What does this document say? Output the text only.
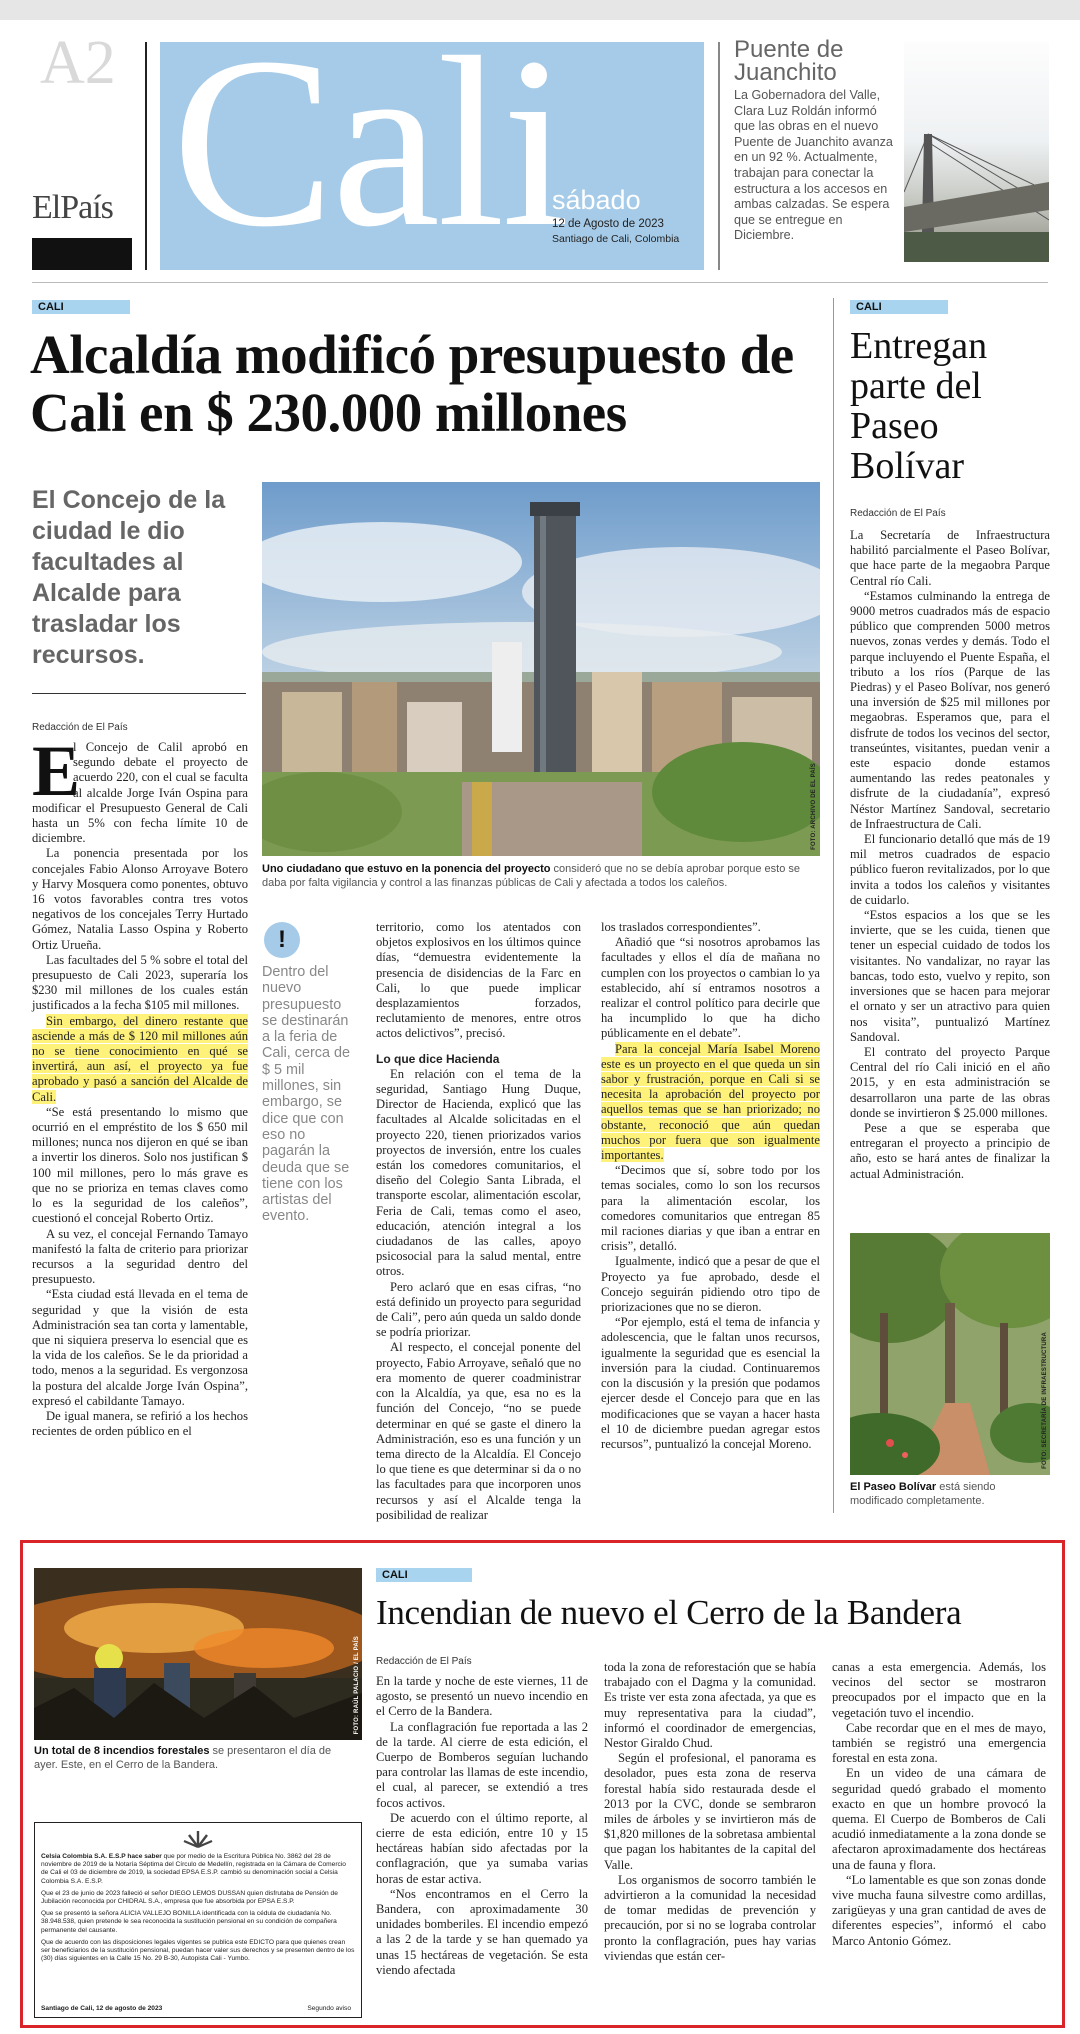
A2
ElPaís Cali
sábado
12 de Agosto de 2023
Santiago de Cali, Colombia
Puente de Juanchito
La Gobernadora del Valle, Clara Luz Roldán informó que las obras en el nuevo Puente de Juanchito avanza en un 92 %. Actualmente, trabajan para conectar la estructura a los accesos en ambas calzadas. Se espera que se entregue en Diciembre.
CALI
Alcaldía modificó presupuesto de Cali en $ 230.000 millones
El Concejo de la ciudad le dio facultades al Alcalde para trasladar los recursos.
Redacción de El País
FOTO: ARCHIVO DE EL PAÍS
Uno ciudadano que estuvo en la ponencia del proyecto consideró que no se debía aprobar porque esto se daba por falta vigilancia y control a las finanzas públicas de Cali y afectada a todos los caleños.
E

l Concejo de Calil aprobó en segundo debate el proyecto de acuerdo 220, con el cual se faculta al alcalde Jorge Iván Ospina para modificar el Presupuesto General de Cali hasta un 5% con fecha límite 10 de diciembre.

La ponencia presentada por los concejales Fabio Alonso Arroyave Botero y Harvy Mosquera como ponentes, obtuvo 16 votos favorables contra tres votos negativos de los concejales Terry Hurtado Gómez, Natalia Lasso Ospina y Roberto Ortiz Urueña.

Las facultades del 5 % sobre el total del presupuesto de Cali 2023, superaría los $230 mil millones de los cuales están justificados a la fecha $105 mil millones.

Sin embargo, del dinero restante que asciende a más de $ 120 mil millones aún no se tiene conocimiento en qué se invertirá, aun así, el proyecto ya fue aprobado y pasó a sanción del Alcalde de Cali.

“Se está presentando lo mismo que ocurrió en el empréstito de los $ 650 mil millones; nunca nos dijeron en qué se iban a invertir los dineros. Solo nos justifican $ 100 mil millones, pero lo más grave es que no se prioriza en temas claves como lo es la seguridad de los caleños”, cuestionó el concejal Roberto Ortiz.

A su vez, el concejal Fernando Tamayo manifestó la falta de criterio para priorizar recursos a la seguridad dentro del presupuesto.

“Esta ciudad está llevada en el tema de seguridad y que la visión de esta Administración sea tan corta y lamentable, que ni siquiera preserva lo esencial que es la vida de los caleños. Se le da prioridad a todo, menos a la seguridad. Es vergonzosa la postura del alcalde Jorge Iván Ospina”, expresó el cabildante Tamayo.

De igual manera, se refirió a los hechos recientes de orden público en el

!
Dentro del nuevo presupuesto se destinarán a la feria de Cali, cerca de $ 5 mil millones, sin embargo, se dice que con eso no pagarán la deuda que se tiene con los artistas del evento.

territorio, como los atentados con objetos explosivos en los últimos quince días, “demuestra evidentemente la presencia de disidencias de la Farc en Cali, lo que puede implicar desplazamientos forzados, reclutamiento de menores, entre otros actos delictivos”, precisó.

Lo que dice Hacienda

En relación con el tema de la seguridad, Santiago Hung Duque, Director de Hacienda, explicó que las facultades al Alcalde solicitadas en el proyecto 220, tienen priorizados varios proyectos de inversión, entre los cuales están los comedores comunitarios, el diseño del Colegio Santa Librada, el transporte escolar, alimentación escolar, Feria de Cali, temas como el aseo, educación, atención integral a los ciudadanos de las calles, apoyo psicosocial para la salud mental, entre otros.

Pero aclaró que en esas cifras, “no está definido un proyecto para seguridad de Cali”, pero aún queda un saldo donde se podría priorizar.

Al respecto, el concejal ponente del proyecto, Fabio Arroyave, señaló que no era momento de querer coadministrar con la Alcaldía, ya que, esa no es la función del Concejo, “no se puede determinar en qué se gaste el dinero la Administración, eso es una función y un tema directo de la Alcaldía. El Concejo lo que tiene es que determinar si da o no las facultades para que incorporen unos recursos y así el Alcalde tenga la posibilidad de realizar

los traslados correspondientes”.

Añadió que “si nosotros aprobamos las facultades y ellos el día de mañana no cumplen con los proyectos o cambian lo ya establecido, ahí sí entramos nosotros a realizar el control político para decirle que ha incumplido lo que ha dicho públicamente en el debate”.

Para la concejal María Isabel Moreno este es un proyecto en el que queda un sin sabor y frustración, porque en Cali si se necesita la aprobación del proyecto por aquellos temas que se han priorizado; no obstante, reconoció que aún quedan muchos por fuera que son igualmente importantes.

“Decimos que sí, sobre todo por los temas sociales, como lo son los recursos para la alimentación escolar, los comedores comunitarios que entregan 85 mil raciones diarias y que iban a entrar en crisis”, detalló.

Igualmente, indicó que a pesar de que el Proyecto ya fue aprobado, desde el Concejo seguirán pidiendo otro tipo de priorizaciones que no se dieron.

“Por ejemplo, está el tema de infancia y adolescencia, que le faltan unos recursos, igualmente la seguridad que es esencial la inversión para la ciudad. Continuaremos con la discusión y la presión que podamos ejercer desde el Concejo para que en las modificaciones que se vayan a hacer hasta el 10 de diciembre puedan agregar estos recursos”, puntualizó la concejal Moreno.

CALI
Entregan parte del Paseo Bolívar
Redacción de El País

La Secretaría de Infraestructura habilitó parcialmente el Paseo Bolívar, que hace parte de la megaobra Parque Central río Cali.

“Estamos culminando la entrega de 9000 metros cuadrados más de espacio público que comprenden 5000 metros nuevos, zonas verdes y demás. Todo el parque incluyendo el Puente España, el tributo a los ríos (Parque de las Piedras) y el Paseo Bolívar, nos generó una inversión de $25 mil millones por megaobras. Esperamos que, para el disfrute de todos los vecinos del sector, transeúntes, visitantes, puedan venir a este espacio donde estamos aumentando las redes peatonales y disfrute de la ciudadanía”, expresó Néstor Martínez Sandoval, secretario de Infraestructura de Cali.

El funcionario detalló que más de 19 mil metros cuadrados de espacio público fueron revitalizados, por lo que invita a todos los caleños y visitantes de cuidarlo.

“Estos espacios a los que se les invierte, que se les cuida, tienen que tener un especial cuidado de todos los visitantes. No vandalizar, no rayar las bancas, todo esto, vuelvo y repito, son inversiones que se hacen para mejorar el ornato y ser un atractivo para quien nos visita”, puntualizó Martínez Sandoval.

El contrato del proyecto Parque Central del río Cali inició en el año 2015, y en esta administración se desarrollaron una parte de las obras donde se invirtieron $ 25.000 millones.

Pese a que se esperaba que entregaran el proyecto a principio de año, esto se hará antes de finalizar la actual Administración.

FOTO: SECRETARÍA DE INFRAESTRUCTURA
El Paseo Bolívar está siendo modificado completamente.
FOTO: RAÚL PALACIO / EL PAÍS
Un total de 8 incendios forestales se presentaron el día de ayer. Este, en el Cerro de la Bandera.

Celsia Colombia S.A. E.S.P hace saber que por medio de la Escritura Pública No. 3862 del 28 de noviembre de 2019 de la Notaría Séptima del Círculo de Medellín, registrada en la Cámara de Comercio de Cali el 03 de diciembre de 2019, la sociedad EPSA E.S.P. cambió su denominación social a Celsia Colombia S.A. E.S.P.

Que el 23 de junio de 2023 falleció el señor DIEGO LEMOS DUSSAN quien disfrutaba de Pensión de Jubilación reconocida por CHIDRAL S.A., empresa que fue absorbida por EPSA E.S.P.

Que se presentó la señora ALICIA VALLEJO BONILLA identificada con la cédula de ciudadanía No. 38.948.538, quien pretende le sea reconocida la sustitución pensional en su condición de compañera permanente del causante.

Que de acuerdo con las disposiciones legales vigentes se publica este EDICTO para que quienes crean ser beneficiarios de la sustitución pensional, puedan hacer valer sus derechos y se presenten dentro de los (30) días siguientes en la Calle 15 No. 29 B-30, Autopista Cali - Yumbo.

Santiago de Cali, 12 de agosto de 2023	Segundo aviso
CALI
Incendian de nuevo el Cerro de la Bandera
Redacción de El País

En la tarde y noche de este viernes, 11 de agosto, se presentó un nuevo incendio en el Cerro de la Bandera.

La conflagración fue reportada a las 2 de la tarde. Al cierre de esta edición, el Cuerpo de Bomberos seguían luchando para controlar las llamas de este incendio, el cual, al parecer, se extendió a tres focos activos.

De acuerdo con el último reporte, al cierre de esta edición, entre 10 y 15 hectáreas habían sido afectadas por la conflagración, que ya sumaba varias horas de estar activa.

“Nos encontramos en el Cerro la Bandera, con aproximadamente 30 unidades bomberiles. El incendio empezó a las 2 de la tarde y se han quemado ya unas 15 hectáreas de vegetación. Se esta viendo afectada

toda la zona de reforestación que se había trabajado con el Dagma y la comunidad. Es triste ver esta zona afectada, ya que es muy representativa para la ciudad”, informó el coordinador de emergencias, Nestor Giraldo Chud.

Según el profesional, el panorama es desolador, pues esta zona de reserva forestal había sido restaurada desde el 2013 por la CVC, donde se sembraron miles de árboles y se invirtieron más de $1,820 millones de la sobretasa ambiental que pagan los habitantes de la capital del Valle.

Los organismos de socorro también le advirtieron a la comunidad la necesidad de tomar medidas de prevención y precaución, por si no se lograba controlar pronto la conflagración, pues hay varias viviendas que están cer-

canas a esta emergencia. Además, los vecinos del sector se mostraron preocupados por el impacto que en la vegetación tuvo el incendio.

Cabe recordar que en el mes de mayo, también se registró una emergencia forestal en esta zona.

En un video de una cámara de seguridad quedó grabado el momento exacto en que un hombre provocó la quema. El Cuerpo de Bomberos de Cali acudió inmediatamente a la zona donde se afectaron aproximadamente dos hectáreas una de fauna y flora.

“Lo lamentable es que son zonas donde vive mucha fauna silvestre como ardillas, zarigüeyas y una gran cantidad de aves de diferentes especies”, informó el cabo Marco Antonio Gómez.
